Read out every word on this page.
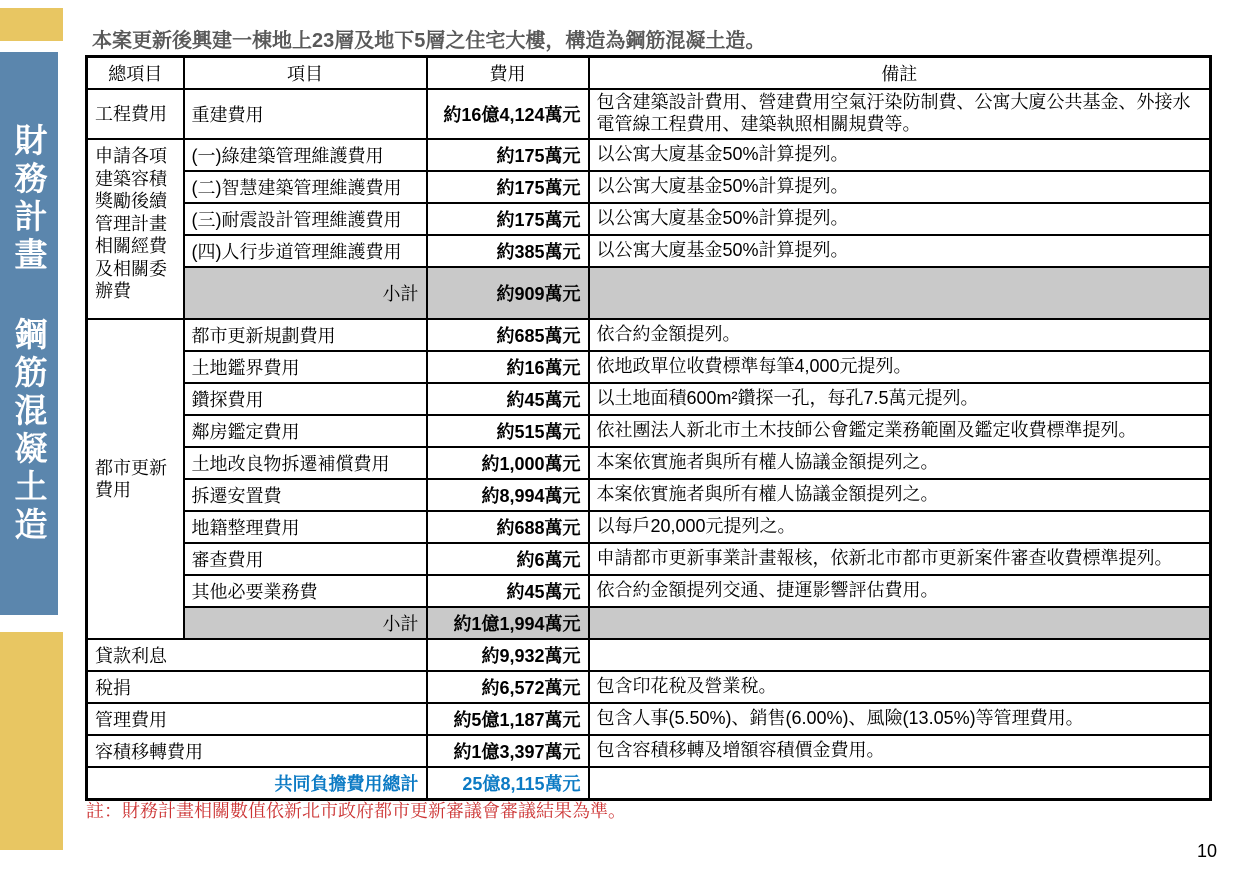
財務計畫 鋼筋混凝土造
本案更新後興建一棟地上23層及地下5層之住宅大樓，構造為鋼筋混凝土造。
總項目	項目	費用	備註
工程費用	重建費用	約16億4,124萬元	包含建築設計費用、營建費用空氣汙染防制費、公寓大廈公共基金、外接水電管線工程費用、建築執照相關規費等。
申請各項建築容積獎勵後續管理計畫相關經費及相關委辦費	(一)綠建築管理維護費用	約175萬元	以公寓大廈基金50%計算提列。
	(二)智慧建築管理維護費用	約175萬元	以公寓大廈基金50%計算提列。
	(三)耐震設計管理維護費用	約175萬元	以公寓大廈基金50%計算提列。
	(四)人行步道管理維護費用	約385萬元	以公寓大廈基金50%計算提列。
	小計	約909萬元	
都市更新費用	都市更新規劃費用	約685萬元	依合約金額提列。
	土地鑑界費用	約16萬元	依地政單位收費標準每筆4,000元提列。
	鑽探費用	約45萬元	以土地面積600m²鑽探一孔，每孔7.5萬元提列。
	鄰房鑑定費用	約515萬元	依社團法人新北市土木技師公會鑑定業務範圍及鑑定收費標準提列。
	土地改良物拆遷補償費用	約1,000萬元	本案依實施者與所有權人協議金額提列之。
	拆遷安置費	約8,994萬元	本案依實施者與所有權人協議金額提列之。
	地籍整理費用	約688萬元	以每戶20,000元提列之。
	審查費用	約6萬元	申請都市更新事業計畫報核，依新北市都市更新案件審查收費標準提列。
	其他必要業務費	約45萬元	依合約金額提列交通、捷運影響評估費用。
	小計	約1億1,994萬元	
貸款利息		約9,932萬元	
稅捐		約6,572萬元	包含印花稅及營業稅。
管理費用		約5億1,187萬元	包含人事(5.50%)、銷售(6.00%)、風險(13.05%)等管理費用。
容積移轉費用		約1億3,397萬元	包含容積移轉及增額容積價金費用。
共同負擔費用總計		25億8,115萬元	
註：財務計畫相關數值依新北市政府都市更新審議會審議結果為準。
10
